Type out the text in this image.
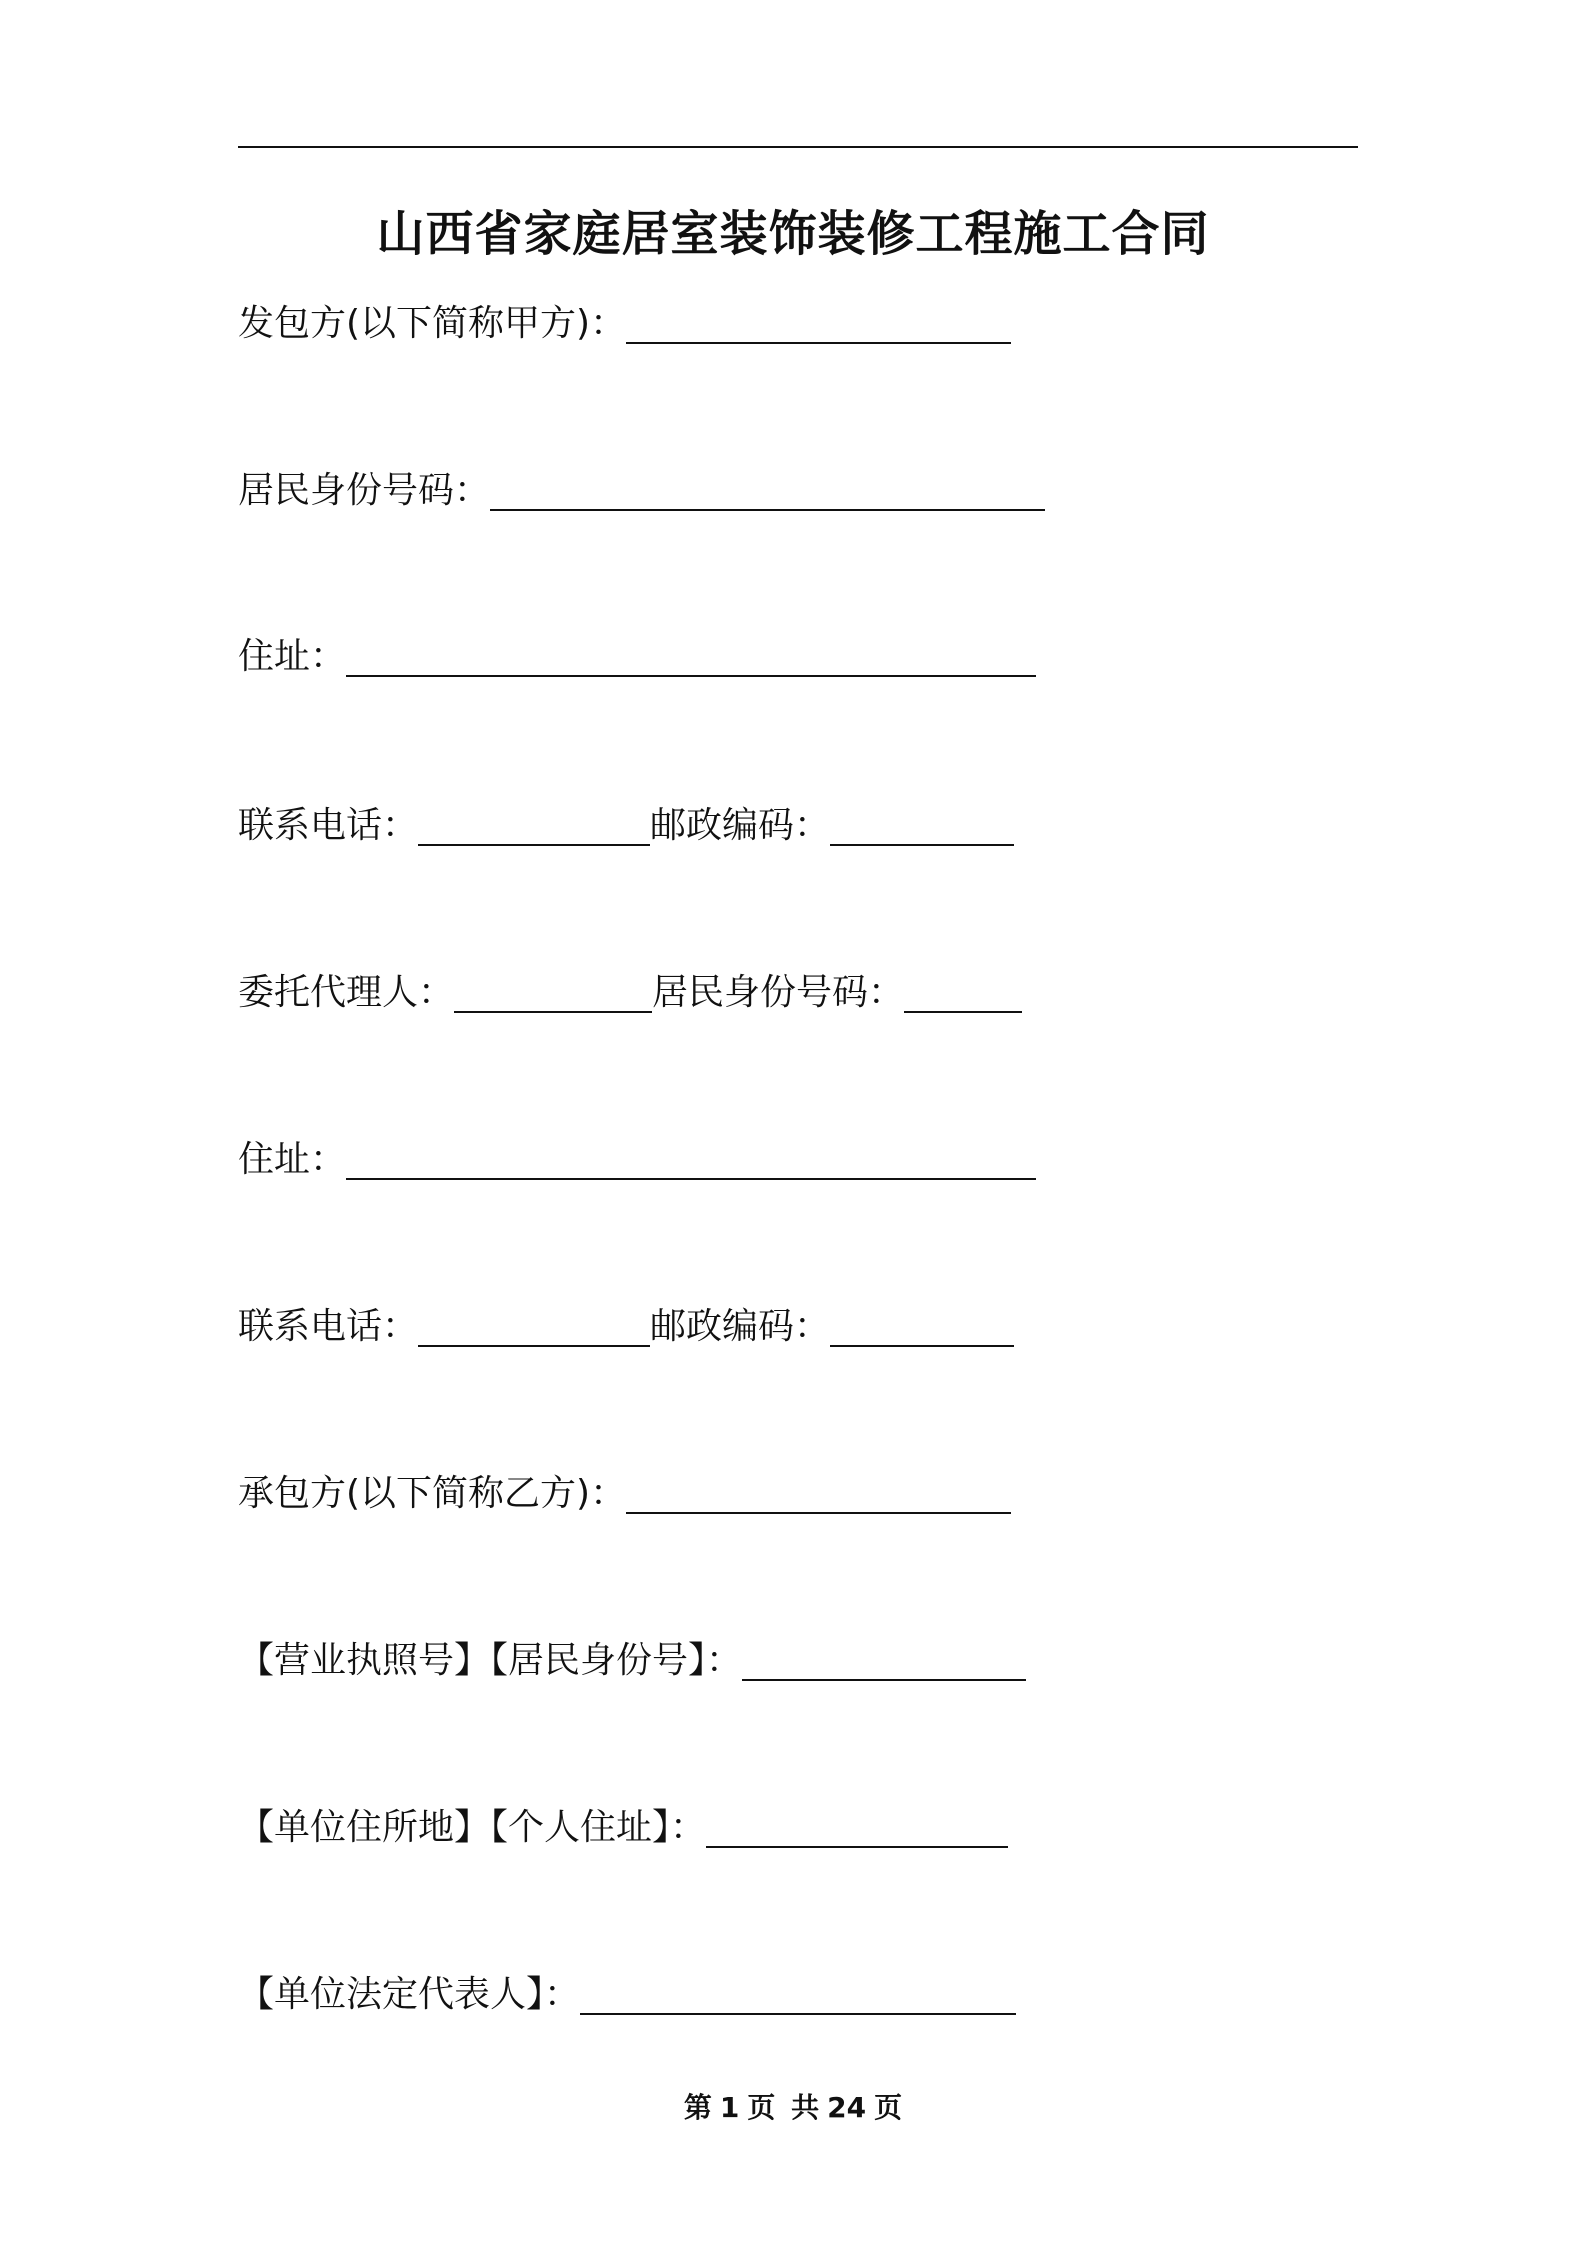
山西省家庭居室装饰装修工程施工合同
发包方(以下简称甲方)：
居民身份号码：
住址：
联系电话：	邮政编码：
委托代理人：	居民身份号码：
住址：
联系电话：	邮政编码：
承包方(以下简称乙方)：
【营业执照号】【居民身份号】：
【单位住所地】【个人住址】：
【单位法定代表人】：
第 1 页 共 24 页
